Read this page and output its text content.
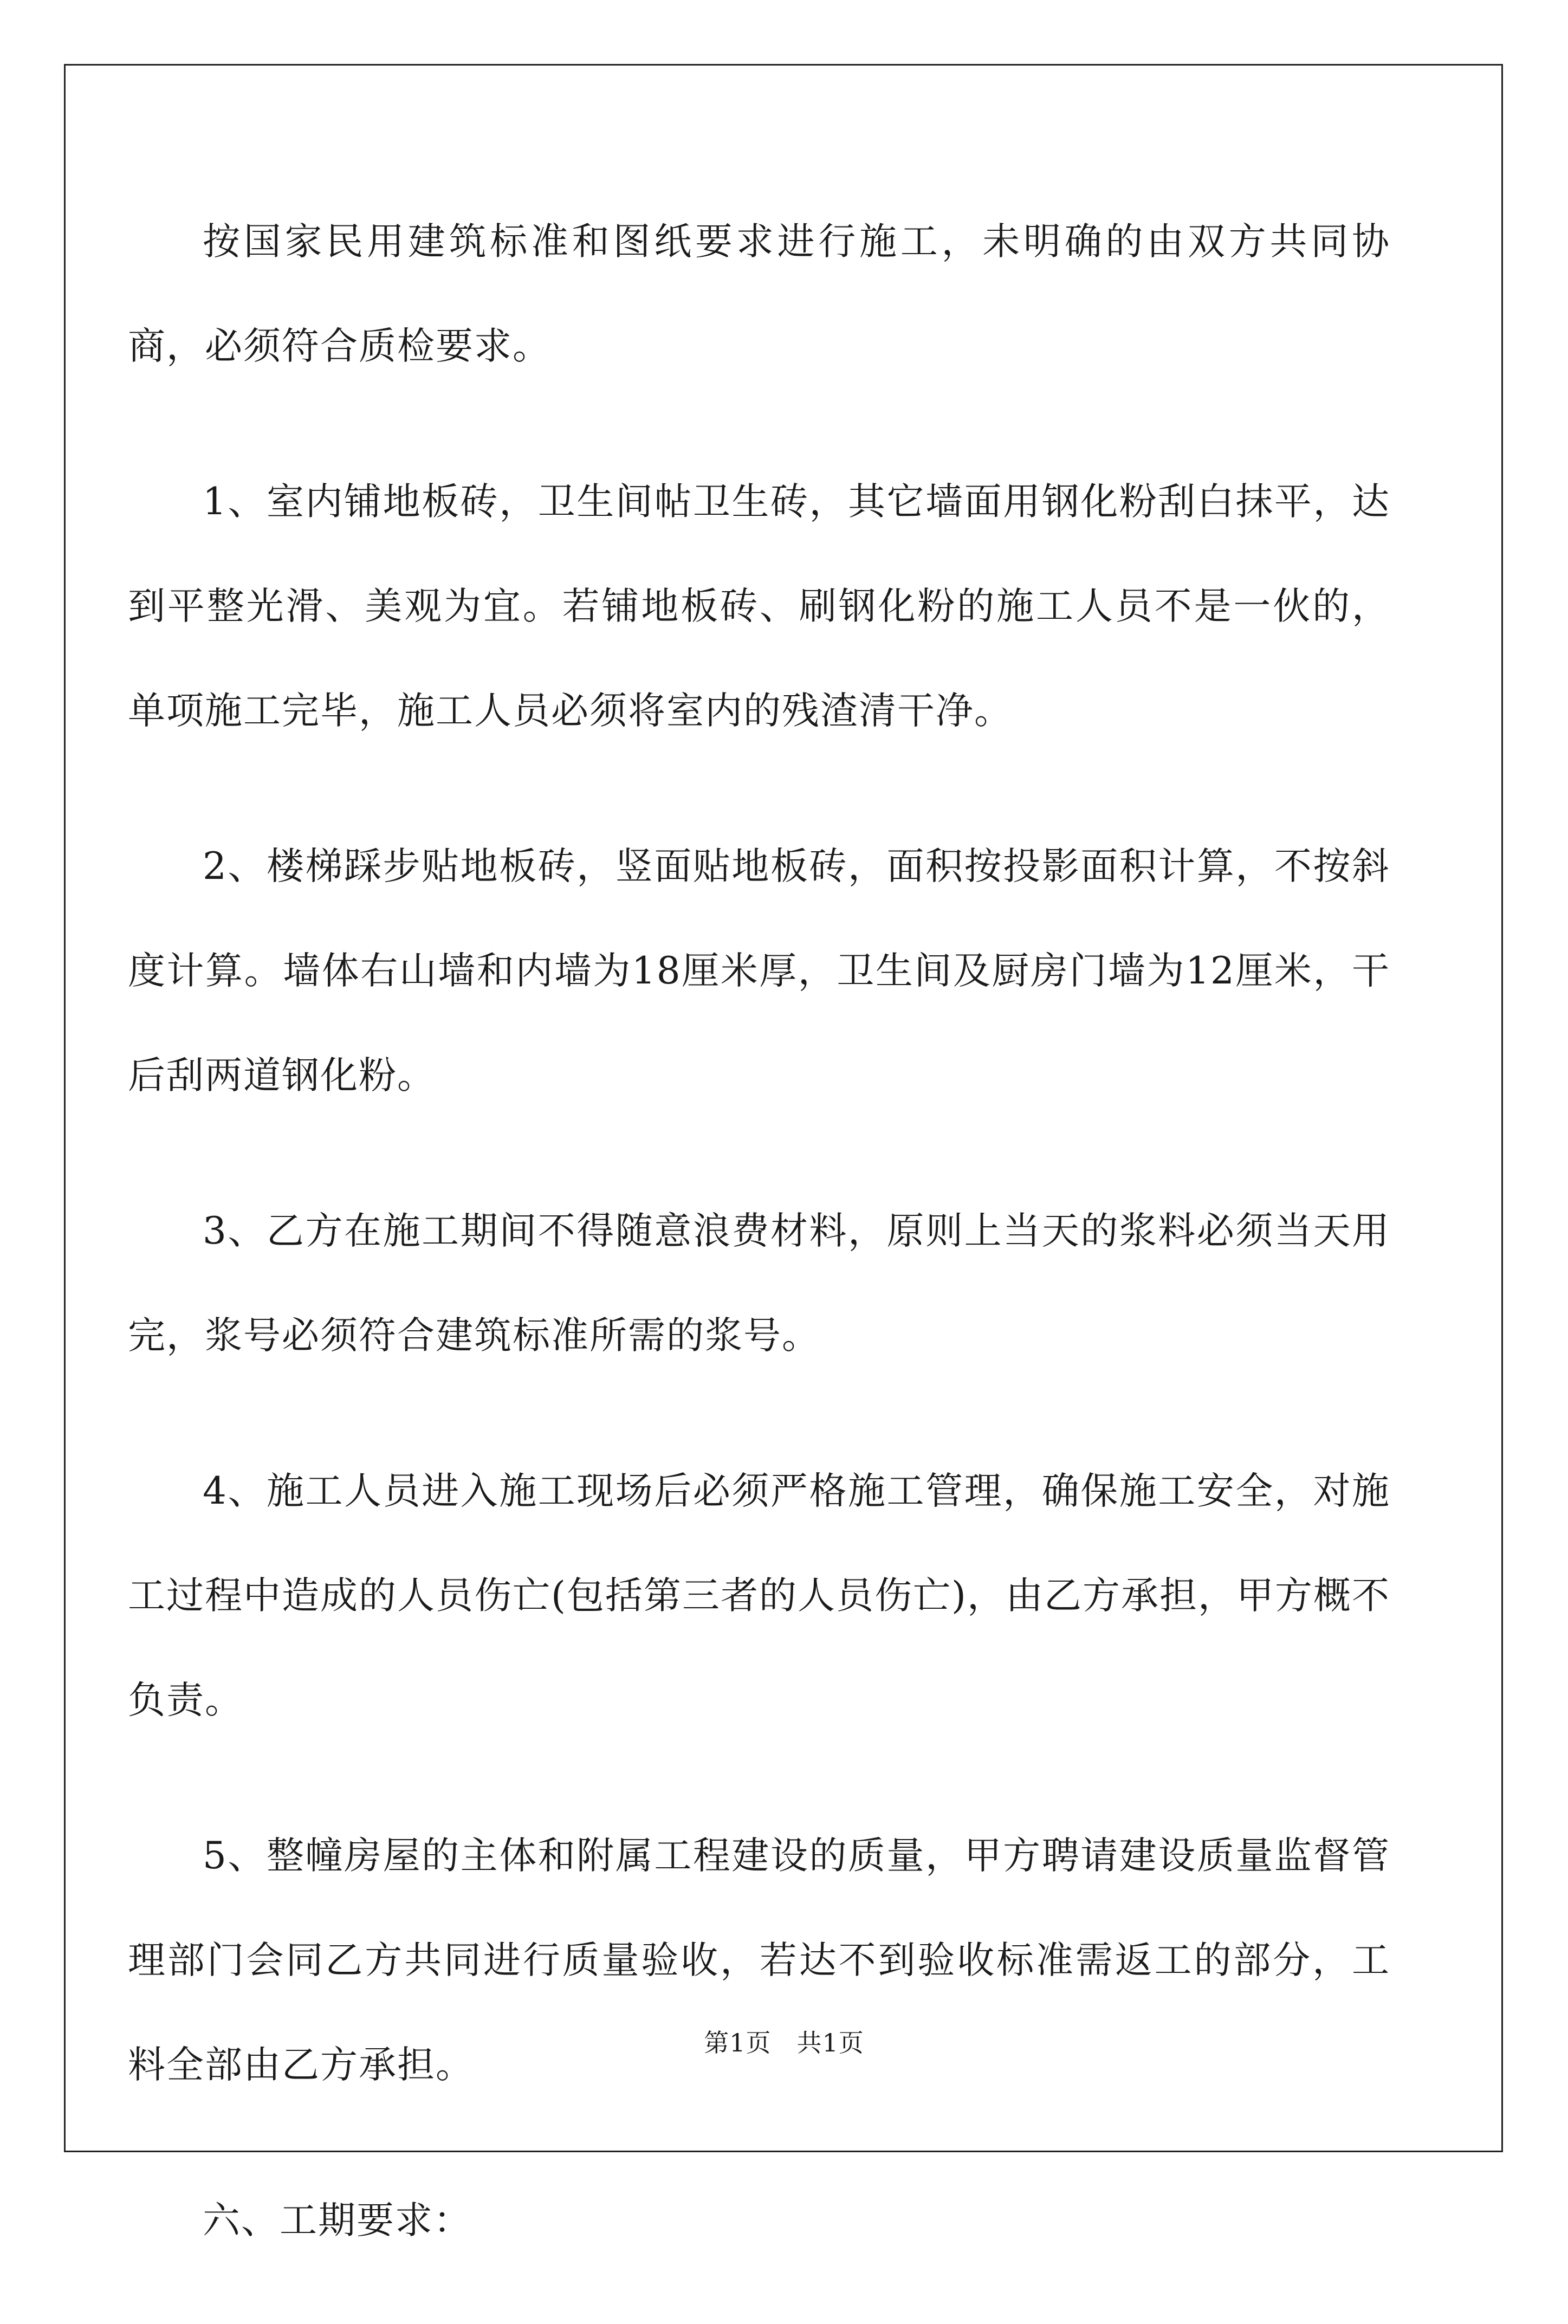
按国家民用建筑标准和图纸要求进行施工，未明确的由双方共同协商，必须符合质检要求。

1、室内铺地板砖，卫生间帖卫生砖，其它墙面用钢化粉刮白抹平，达到平整光滑、美观为宜。若铺地板砖、刷钢化粉的施工人员不是一伙的，单项施工完毕，施工人员必须将室内的残渣清干净。

2、楼梯踩步贴地板砖，竖面贴地板砖，面积按投影面积计算，不按斜度计算。墙体右山墙和内墙为18厘米厚，卫生间及厨房门墙为12厘米，干后刮两道钢化粉。

3、乙方在施工期间不得随意浪费材料，原则上当天的浆料必须当天用完，浆号必须符合建筑标准所需的浆号。

4、施工人员进入施工现场后必须严格施工管理，确保施工安全，对施工过程中造成的人员伤亡(包括第三者的人员伤亡)，由乙方承担，甲方概不负责。

5、整幢房屋的主体和附属工程建设的质量，甲方聘请建设质量监督管理部门会同乙方共同进行质量验收，若达不到验收标准需返工的部分，工料全部由乙方承担。

六、工期要求：

第1页　共1页
